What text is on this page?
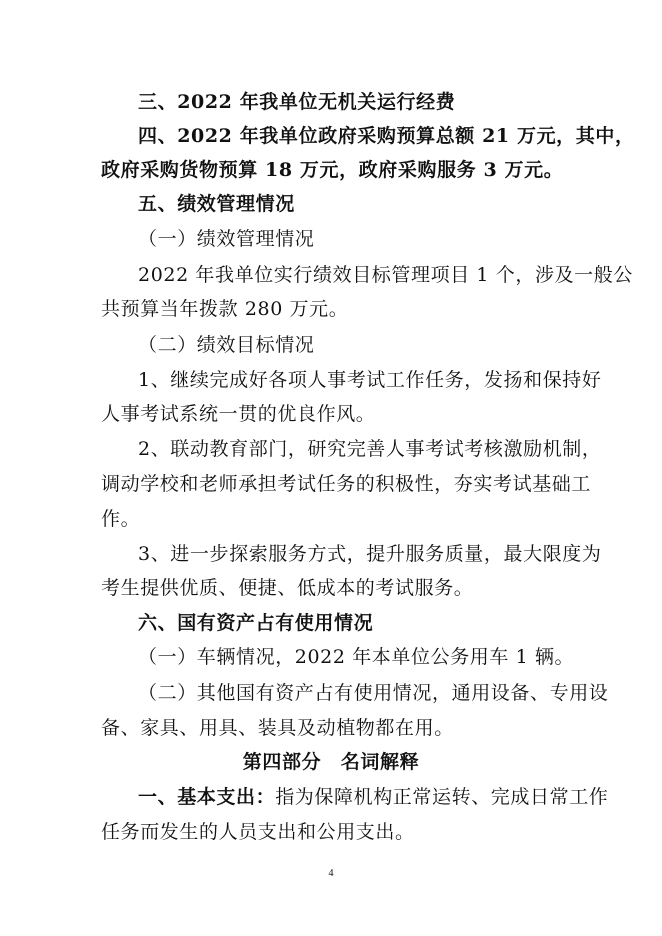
三、2022 年我单位无机关运行经费
四、2022 年我单位政府采购预算总额 21 万元，其中，
政府采购货物预算 18 万元，政府采购服务 3 万元。
五、绩效管理情况
（一）绩效管理情况
2022 年我单位实行绩效目标管理项目 1 个，涉及一般公
共预算当年拨款 280 万元。
（二）绩效目标情况
1、继续完成好各项人事考试工作任务，发扬和保持好
人事考试系统一贯的优良作风。
2、联动教育部门，研究完善人事考试考核激励机制，
调动学校和老师承担考试任务的积极性，夯实考试基础工
作。
3、进一步探索服务方式，提升服务质量，最大限度为
考生提供优质、便捷、低成本的考试服务。
六、国有资产占有使用情况
（一）车辆情况，2022 年本单位公务用车 1 辆。
（二）其他国有资产占有使用情况，通用设备、专用设
备、家具、用具、装具及动植物都在用。
第四部分　名词解释
一、基本支出：指为保障机构正常运转、完成日常工作
任务而发生的人员支出和公用支出。
4
